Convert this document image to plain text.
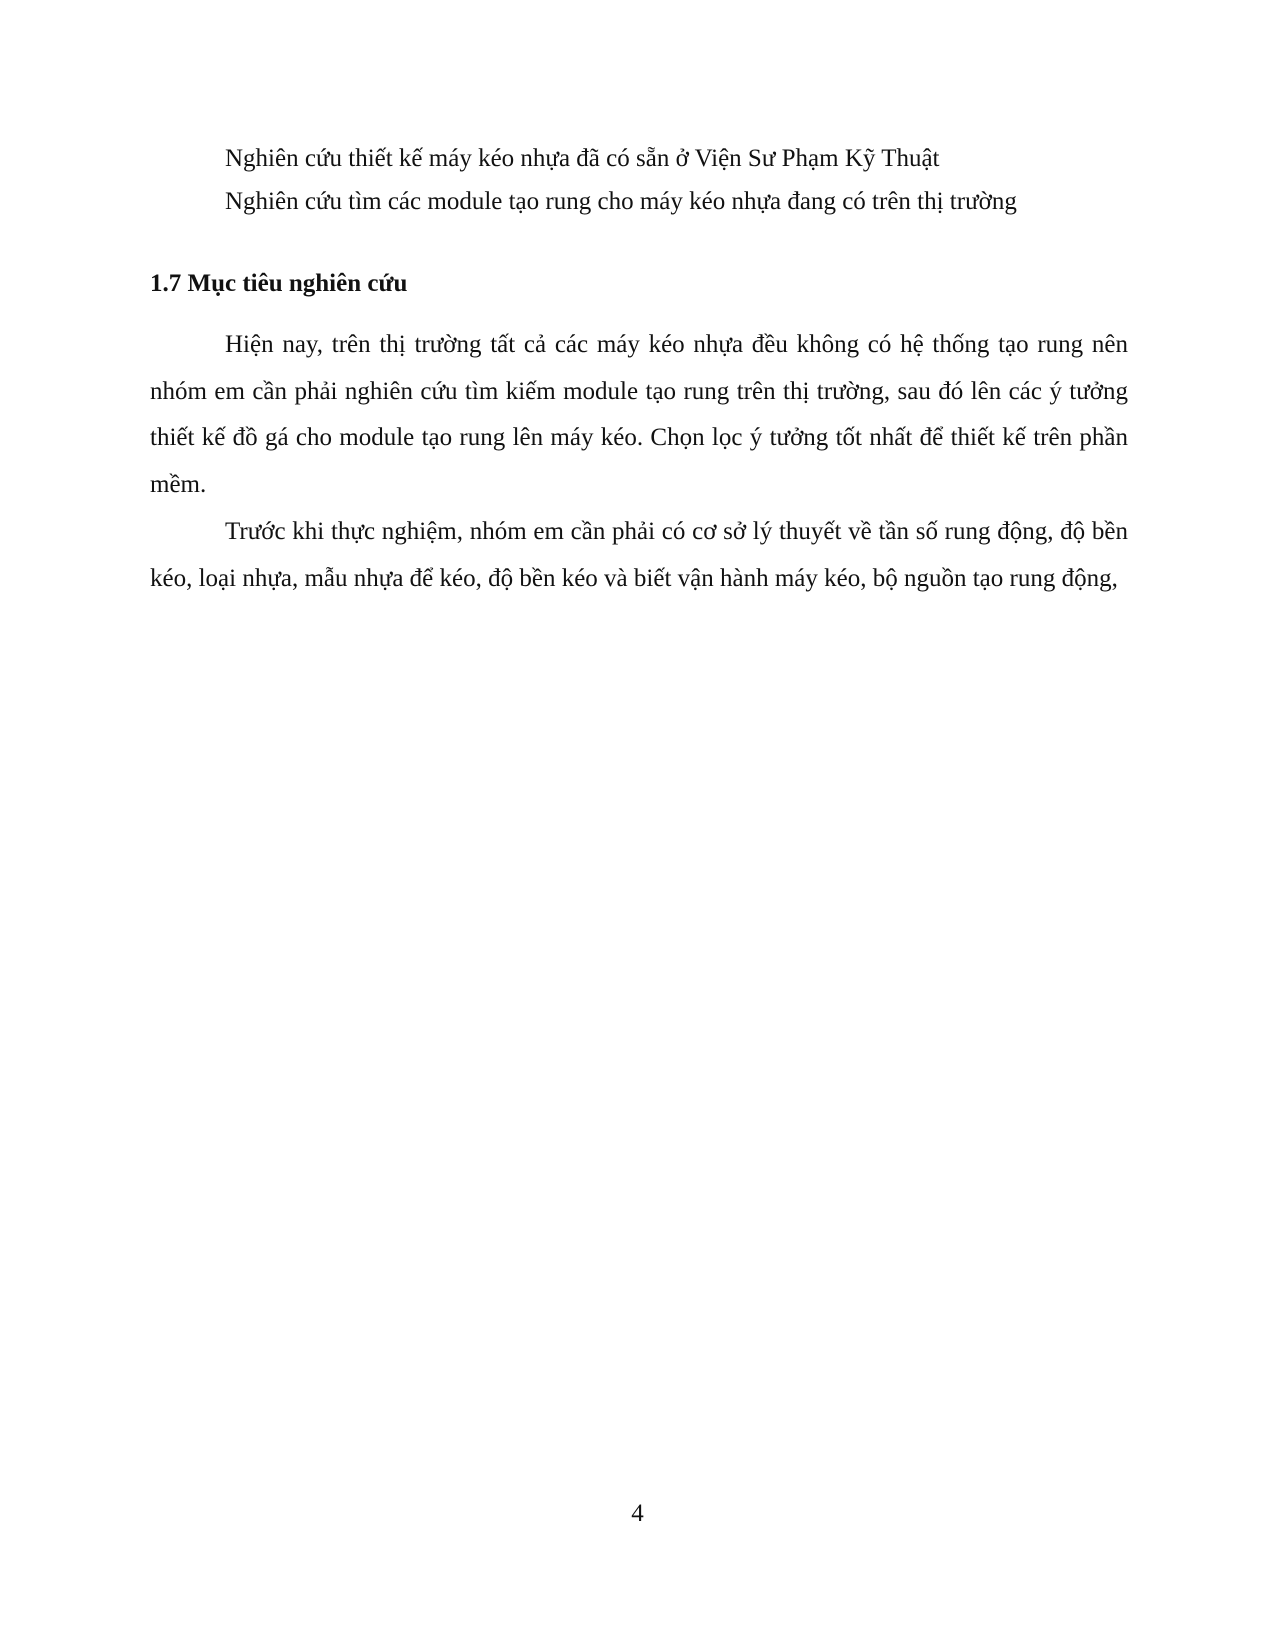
Nghiên cứu thiết kế máy kéo nhựa đã có sẵn ở Viện Sư Phạm Kỹ Thuật
Nghiên cứu tìm các module tạo rung cho máy kéo nhựa đang có trên thị trường
1.7 Mục tiêu nghiên cứu

Hiện nay, trên thị trường tất cả các máy kéo nhựa đều không có hệ thống tạo rung nên nhóm em cần phải nghiên cứu tìm kiếm module tạo rung trên thị trường, sau đó lên các ý tưởng thiết kế đồ gá cho module tạo rung lên máy kéo. Chọn lọc ý tưởng tốt nhất để thiết kế trên phần mềm.

Trước khi thực nghiệm, nhóm em cần phải có cơ sở lý thuyết về tần số rung động, độ bền kéo, loại nhựa, mẫu nhựa để kéo, độ bền kéo và biết vận hành máy kéo, bộ nguồn tạo rung động,

4
